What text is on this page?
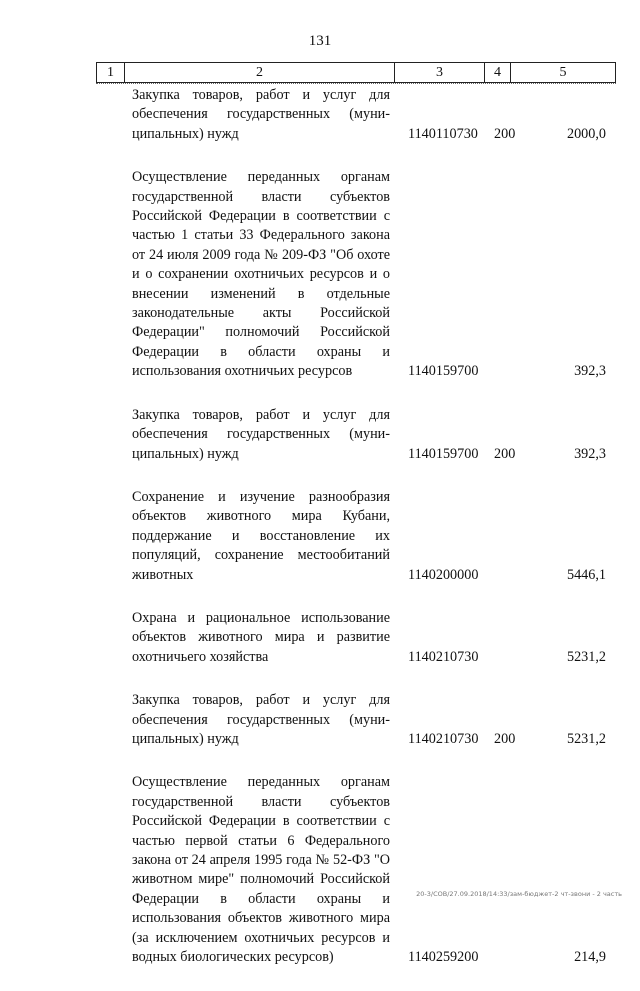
131
1	2	3	4	5
Закупка товаров, работ и услуг для обеспечения государственных (муни-ципальных) нужд	1140110730 200	2000,0
Осуществление переданных органам государственной власти субъектов Российской Федерации в соответствии с частью 1 статьи 33 Федерального закона от 24 июля 2009 года № 209-ФЗ "Об охоте и о сохранении охотничьих ресурсов и о внесении изменений в отдельные законодательные акты Российской Федерации" полномочий Российской Федерации в области охраны и использования охотничьих ресурсов	1140159700	392,3
Закупка товаров, работ и услуг для обеспечения государственных (муни-ципальных) нужд	1140159700 200	392,3
Сохранение и изучение разнообразия объектов животного мира Кубани, поддержание и восстановление их популяций, сохранение местообитаний животных	1140200000	5446,1
Охрана и рациональное использование объектов животного мира и развитие охотничьего хозяйства	1140210730	5231,2
Закупка товаров, работ и услуг для обеспечения государственных (муни-ципальных) нужд	1140210730 200	5231,2
Осуществление переданных органам государственной власти субъектов Российской Федерации в соответствии с частью первой статьи 6 Федерального закона от 24 апреля 1995 года № 52-ФЗ "О животном мире" полномочий Российской Федерации в области охраны и использования объектов животного мира (за исключением охотничьих ресурсов и водных биологических ресурсов)	1140259200	214,9
20-3/СОВ/27.09.2018/14:33/зам-бюджет-2 чт-звони - 2 часть
